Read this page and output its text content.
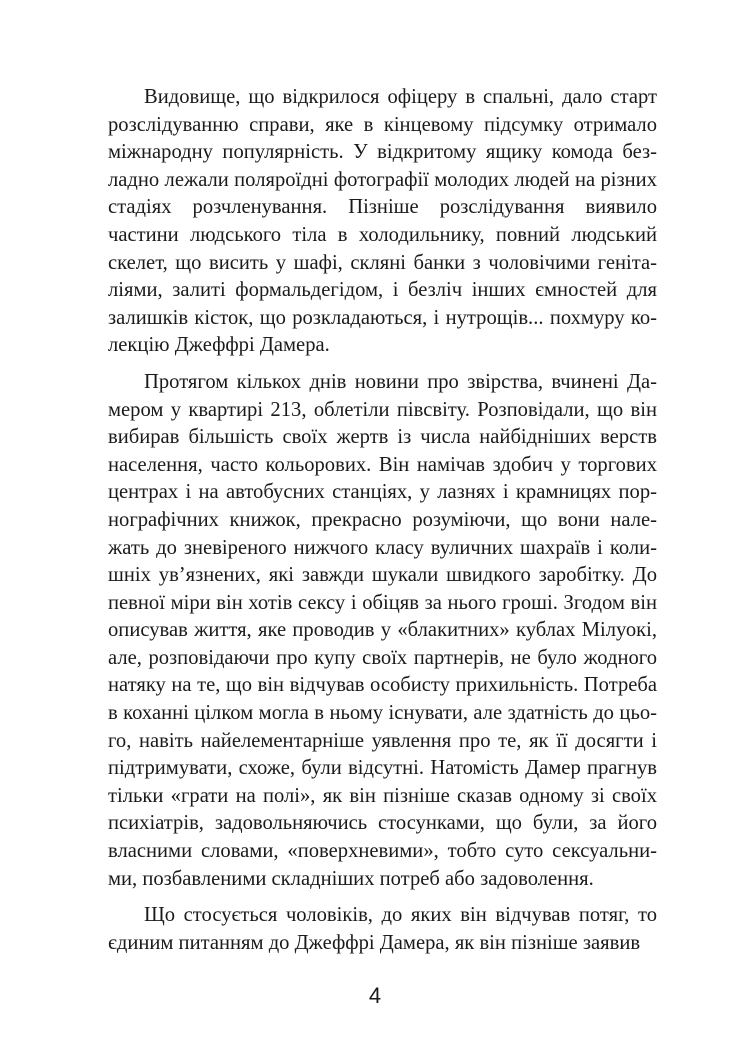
Видовище, що відкрилося офіцеру в спальні, дало старт розслідуванню справи, яке в кінцевому підсумку отримало міжнародну популярність. У відкритому ящику комода безладно лежали поляроїдні фотографії молодих людей на різних стадіях розчленування. Пізніше розслідування виявило частини людського тіла в холодильнику, повний людський скелет, що висить у шафі, скляні банки з чоловічими геніталіями, залиті формальдегідом, і безліч інших ємностей для залишків кісток, що розкладаються, і нутрощів... похмуру колекцію Джеффрі Дамера.

Протягом кількох днів новини про звірства, вчинені Дамером у квартирі 213, облетіли півсвіту. Розповідали, що він вибирав більшість своїх жертв із числа найбідніших верств населення, часто кольорових. Він намічав здобич у торгових центрах і на автобусних станціях, у лазнях і крамницях порнографічних книжок, прекрасно розуміючи, що вони належать до зневіреного нижчого класу вуличних шахраїв і колишніх ув’язнених, які завжди шукали швидкого заробітку. До певної міри він хотів сексу і обіцяв за нього гроші. Згодом він описував життя, яке проводив у «блакитних» кублах Мілуокі, але, розповідаючи про купу своїх партнерів, не було жодного натяку на те, що він відчував особисту прихильність. Потреба в коханні цілком могла в ньому існувати, але здатність до цього, навіть найелементарніше уявлення про те, як її досягти і підтримувати, схоже, були відсутні. Натомість Дамер прагнув тільки «грати на полі», як він пізніше сказав одному зі своїх психіатрів, задовольняючись стосунками, що були, за його власними словами, «поверхневими», тобто суто сексуальними, позбавленими складніших потреб або задоволення.

Що стосується чоловіків, до яких він відчував потяг, то єдиним питанням до Джеффрі Дамера, як він пізніше заявив

4
